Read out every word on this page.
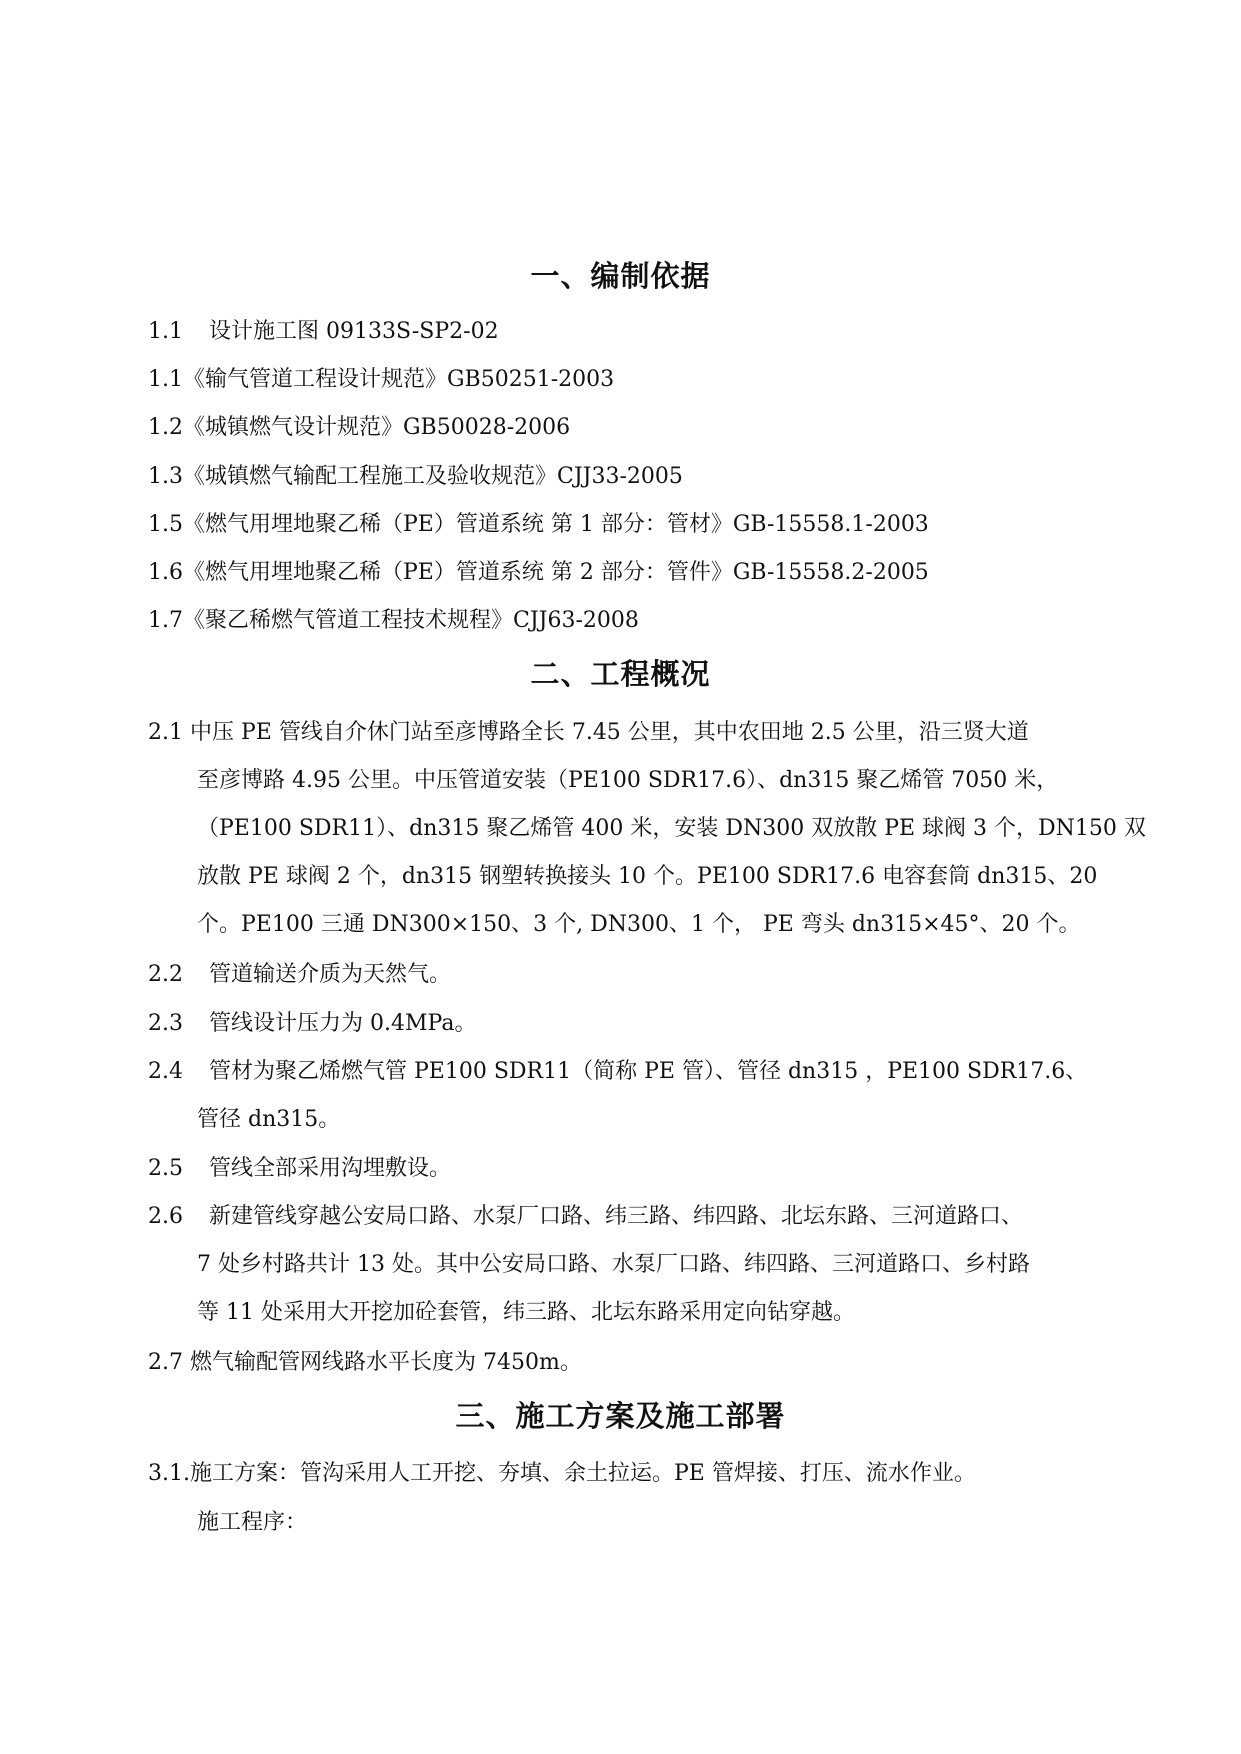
一、编制依据
1.1 设计施工图 09133S-SP2-02
1.1《输气管道工程设计规范》GB50251-2003
1.2《城镇燃气设计规范》GB50028-2006
1.3《城镇燃气输配工程施工及验收规范》CJJ33-2005
1.5《燃气用埋地聚乙稀（PE）管道系统 第 1 部分：管材》GB-15558.1-2003
1.6《燃气用埋地聚乙稀（PE）管道系统 第 2 部分：管件》GB-15558.2-2005
1.7《聚乙稀燃气管道工程技术规程》CJJ63-2008
二、工程概况
2.1 中压 PE 管线自介休门站至彦博路全长 7.45 公里，其中农田地 2.5 公里，沿三贤大道
至彦博路 4.95 公里。中压管道安装（PE100 SDR17.6）、dn315 聚乙烯管 7050 米，
（PE100 SDR11）、dn315 聚乙烯管 400 米，安装 DN300 双放散 PE 球阀 3 个，DN150 双
放散 PE 球阀 2 个，dn315 钢塑转换接头 10 个。PE100 SDR17.6 电容套筒 dn315、20
个。PE100 三通 DN300×150、3 个, DN300、1 个， PE 弯头 dn315×45°、20 个。
2.2 管道输送介质为天然气。
2.3 管线设计压力为 0.4MPa。
2.4 管材为聚乙烯燃气管 PE100 SDR11（简称 PE 管）、管径 dn315 ，PE100 SDR17.6、
管径 dn315。
2.5 管线全部采用沟埋敷设。
2.6 新建管线穿越公安局口路、水泵厂口路、纬三路、纬四路、北坛东路、三河道路口、
7 处乡村路共计 13 处。其中公安局口路、水泵厂口路、纬四路、三河道路口、乡村路
等 11 处采用大开挖加砼套管，纬三路、北坛东路采用定向钻穿越。
2.7 燃气输配管网线路水平长度为 7450m。
三、施工方案及施工部署
3.1.施工方案：管沟采用人工开挖、夯填、余土拉运。PE 管焊接、打压、流水作业。
施工程序：
